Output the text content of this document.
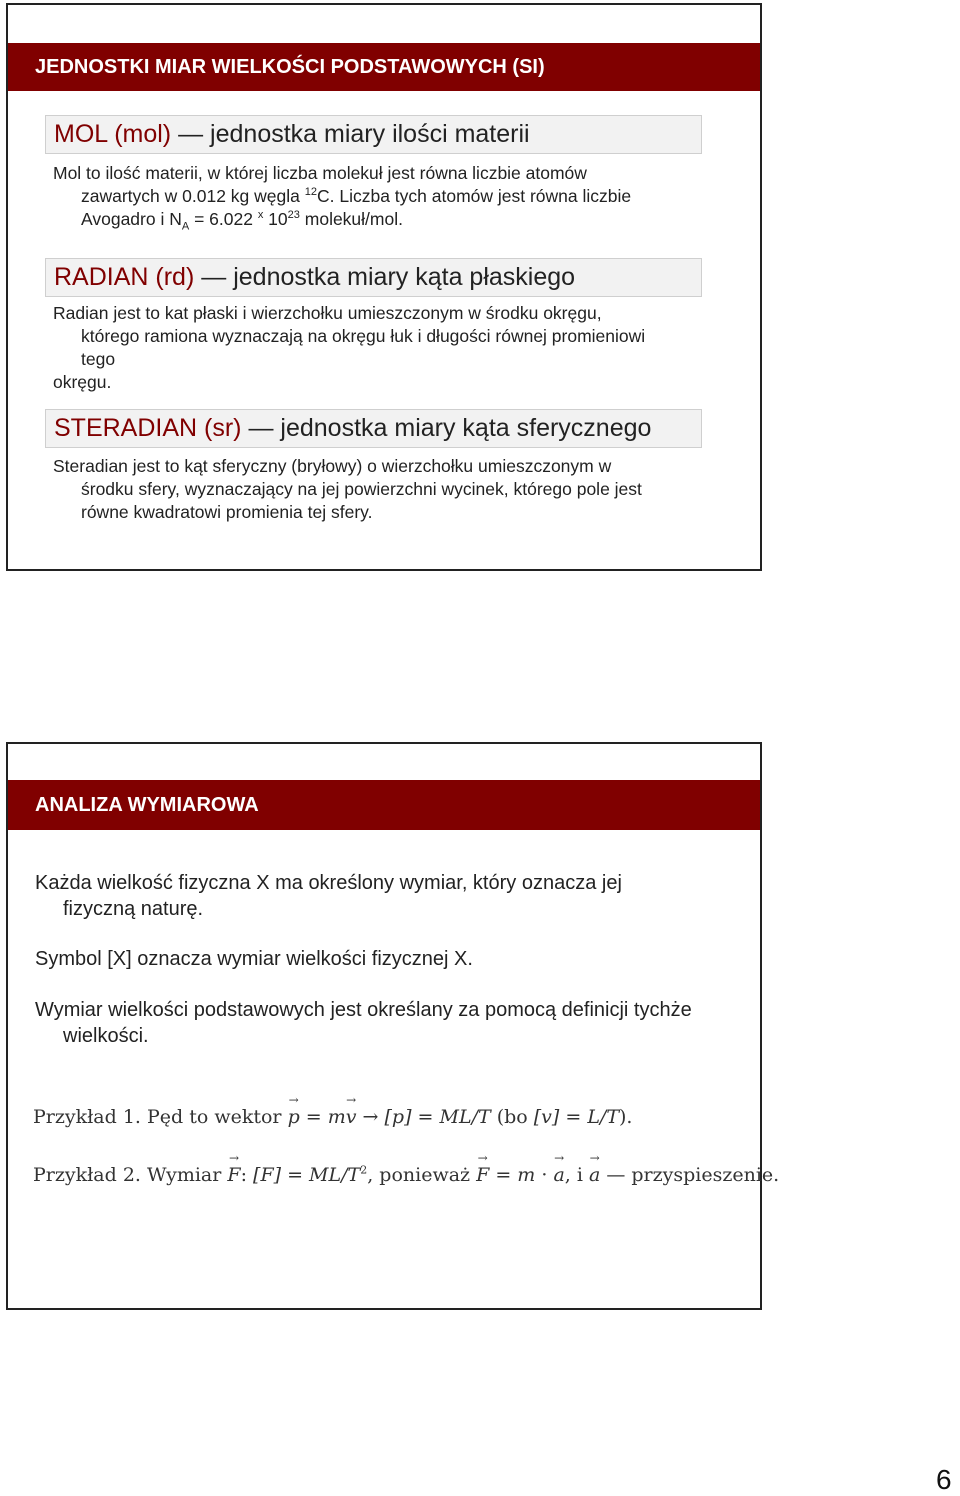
JEDNOSTKI MIAR WIELKOŚCI PODSTAWOWYCH (SI)
MOL (mol)
—
jednostka miary ilości materii
Mol to ilość materii, w której liczba molekuł jest równa liczbie atomów
zawartych w 0.012 kg węgla $^{12}$C. Liczba tych atomów jest równa liczbie
Avogadro i $N_A = 6.022$ $^x$ $10^{23}$ molekuł/mol.
RADIAN (rd)
—
jednostka miary kąta płaskiego
Radian jest to kat płaski i wierzchołku umieszczonym w środku okręgu,
którego ramiona wyznaczają na okręgu łuk i długości równej promieniowi
tego
okręgu.
STERADIAN (sr)
—
jednostka miary kąta sferycznego
Steradian jest to kąt sferyczny (bryłowy) o wierzchołku umieszczonym w
środku sfery, wyznaczający na jej powierzchni wycinek, którego pole jest
równe kwadratowi promienia tej sfery.
ANALIZA WYMIAROWA
Każda wielkość fizyczna X ma określony wymiar, który oznacza jej
fizyczną naturę.
Symbol [X] oznacza wymiar wielkości fizycznej X.
Wymiar wielkości podstawowych jest określany za pomocą definicji tychże
wielkości.
Przykład 1. Pęd to wektor → p = m→ v → [p] = ML/T (bo [v] = L/T).
Przykład 2. Wymiar → F: $[F] = ML/T^2$, ponieważ → F = m · → a, i → a — przyspieszenie.
6
